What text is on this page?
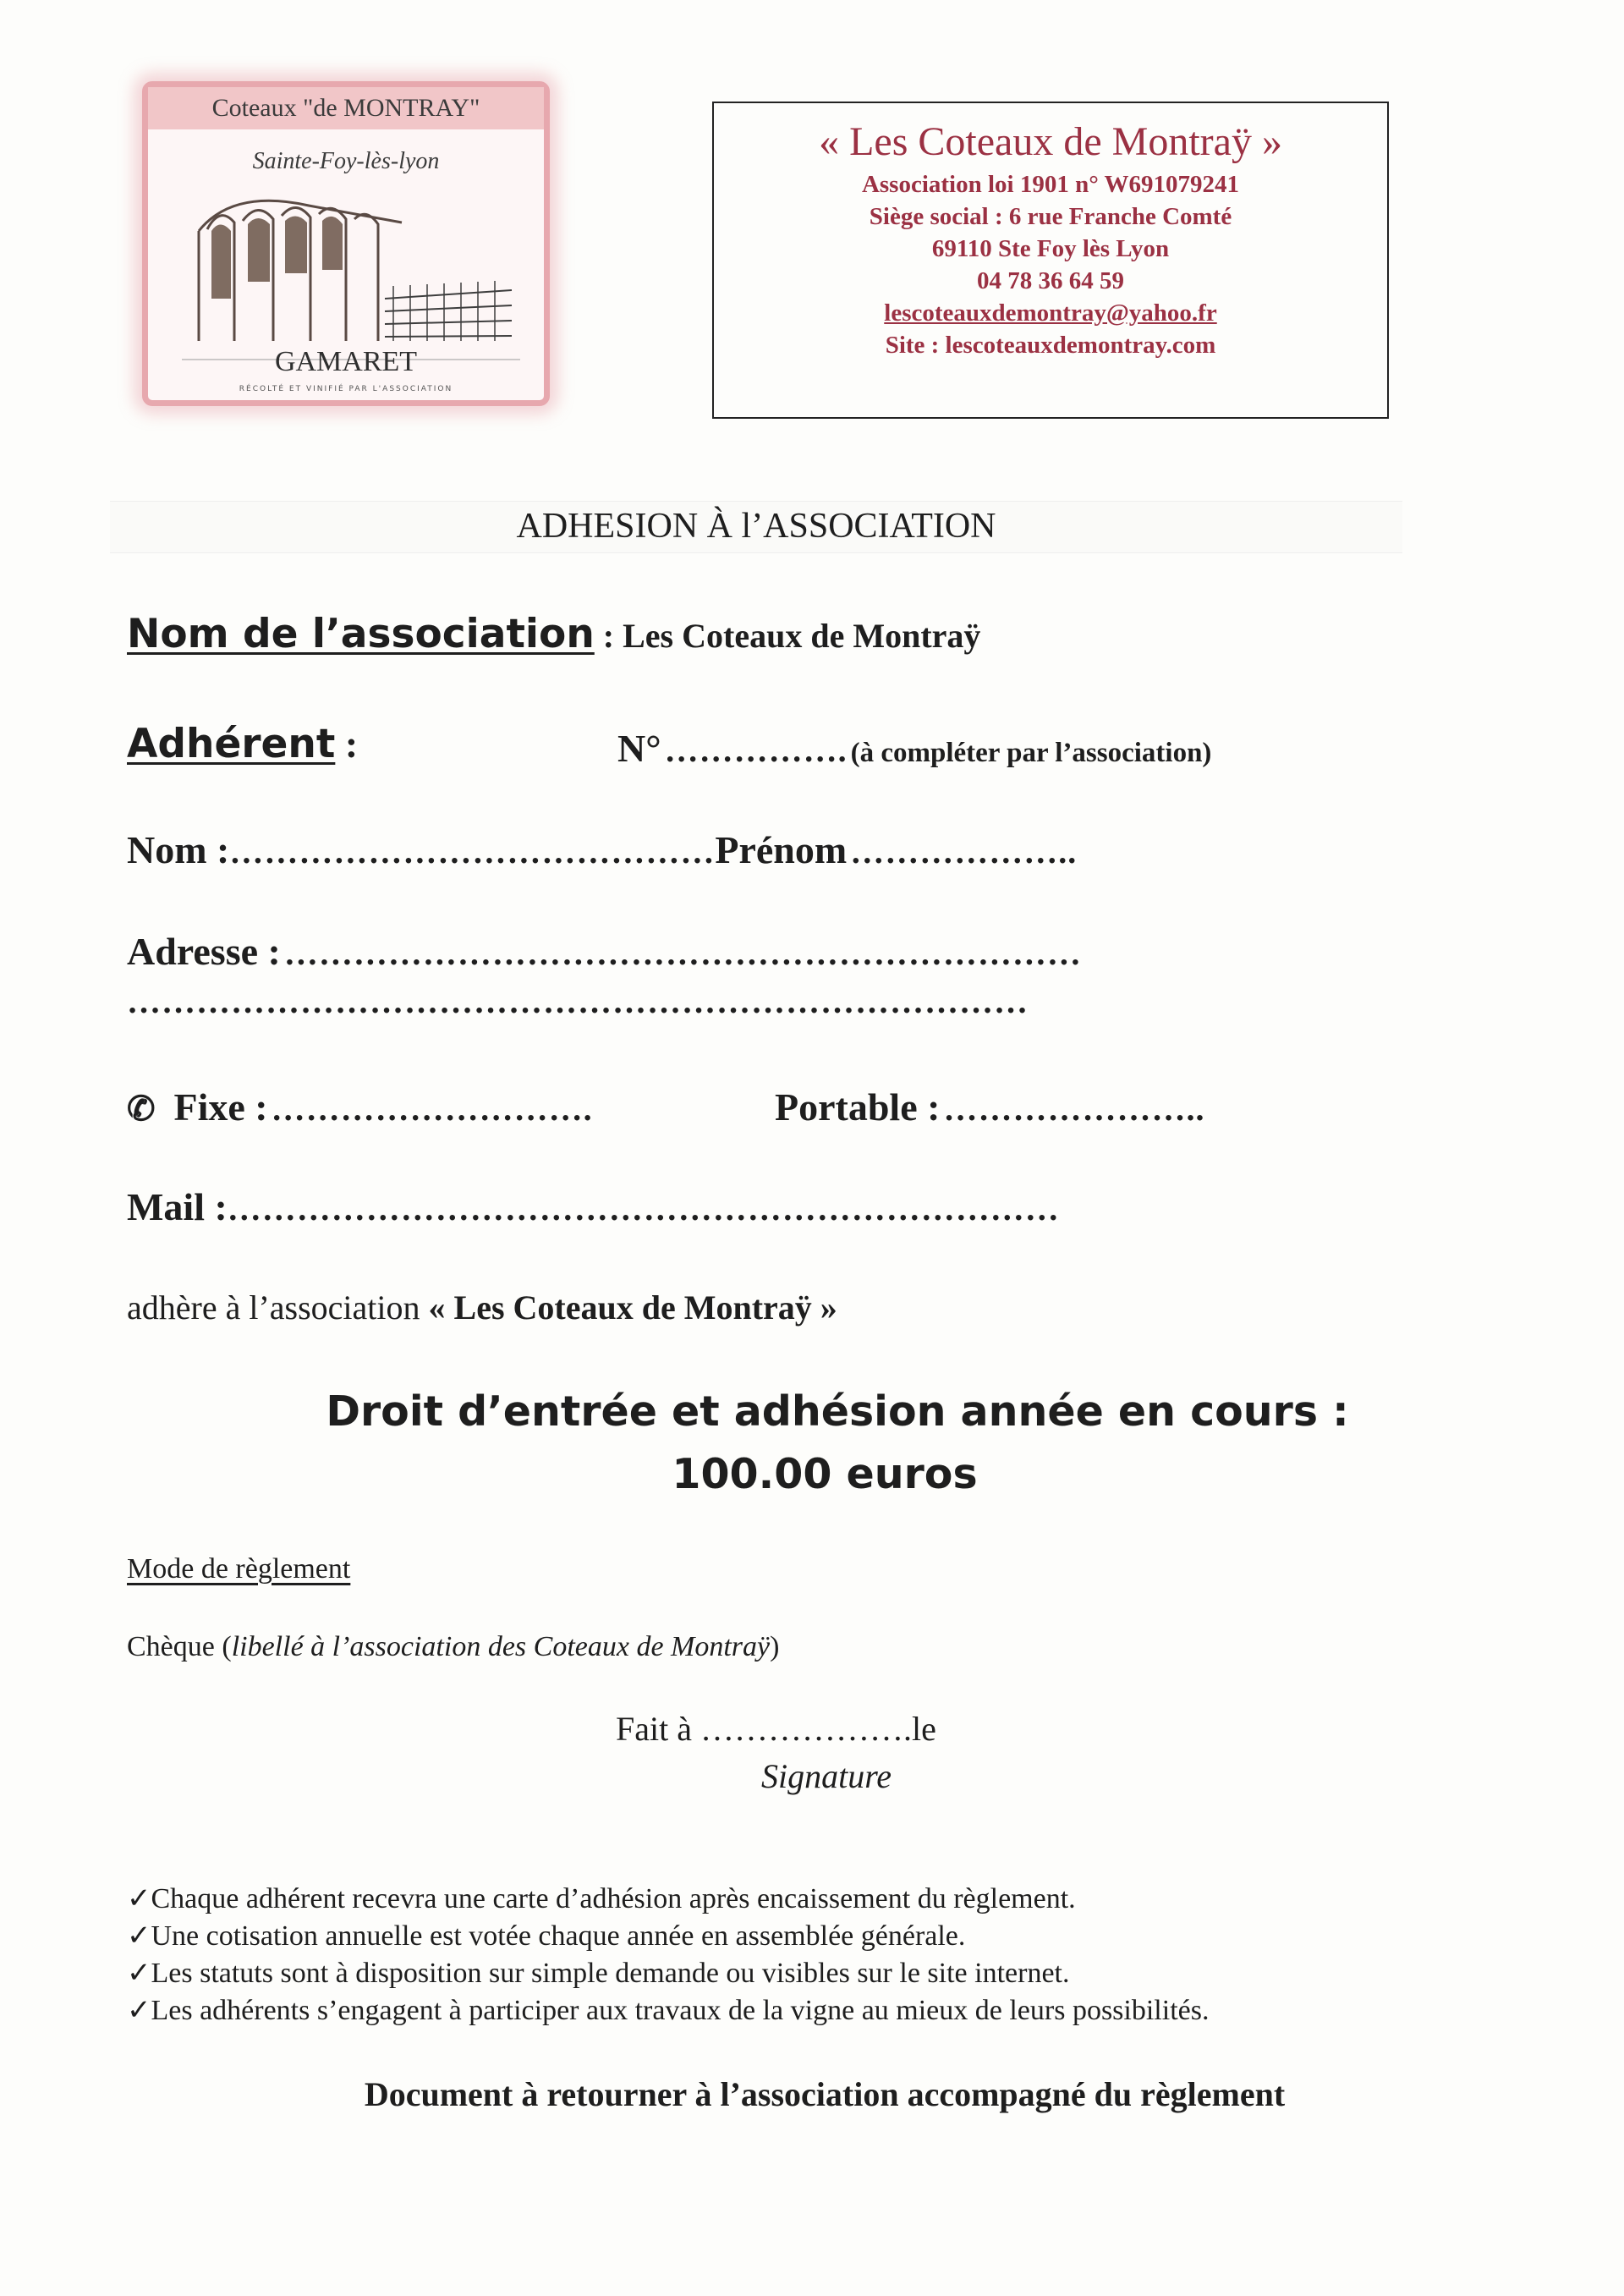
Coteaux "de MONTRAY"
Sainte-Foy-lès-lyon
GAMARET
RÉCOLTÉ ET VINIFIÉ PAR L'ASSOCIATION
« Les Coteaux de Montraÿ »
Association loi 1901 n° W691079241
Siège social : 6 rue Franche Comté
69110 Ste Foy lès Lyon
04 78 36 64 59
lescoteauxdemontray@yahoo.fr
Site : lescoteauxdemontray.com
ADHESION À l’ASSOCIATION
Nom de l’association : Les Coteaux de Montraÿ
Adhérent :	N° ……………. (à compléter par l’association)
Nom :……………………………………Prénom ………………..
Adresse : ……………………………………………………………
……………………………………………………………………
✆ Fixe : ……………………….	Portable : …………………..
Mail :………………………………………………………………
adhère à l’association « Les Coteaux de Montraÿ »
Droit d’entrée et adhésion année en cours :
100.00 euros
Mode de règlement
Chèque (libellé à l’association des Coteaux de Montraÿ)
Fait à ……………….le
Signature
✓Chaque adhérent recevra une carte d’adhésion après encaissement du règlement.
✓Une cotisation annuelle est votée chaque année en assemblée générale.
✓Les statuts sont à disposition sur simple demande ou visibles sur le site internet.
✓Les adhérents s’engagent à participer aux travaux de la vigne au mieux de leurs possibilités.
Document à retourner à l’association accompagné du règlement
